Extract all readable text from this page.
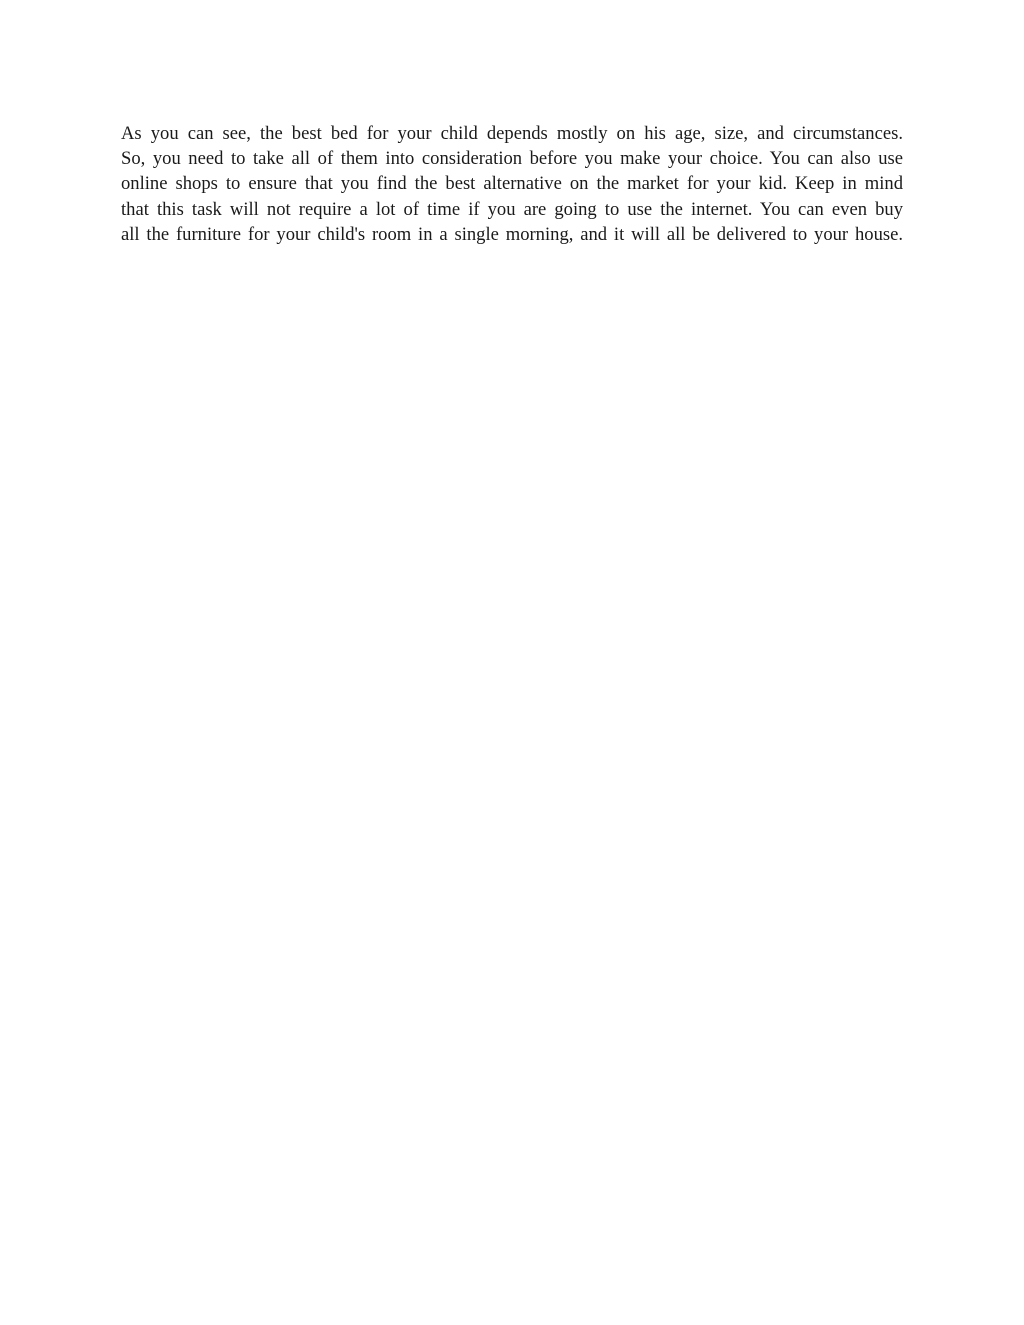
As you can see, the best bed for your child depends mostly on his age, size, and circumstances.
So, you need to take all of them into consideration before you make your choice. You can also use
online shops to ensure that you find the best alternative on the market for your kid. Keep in mind
that this task will not require a lot of time if you are going to use the internet. You can even buy
all the furniture for your child's room in a single morning, and it will all be delivered to your house.
